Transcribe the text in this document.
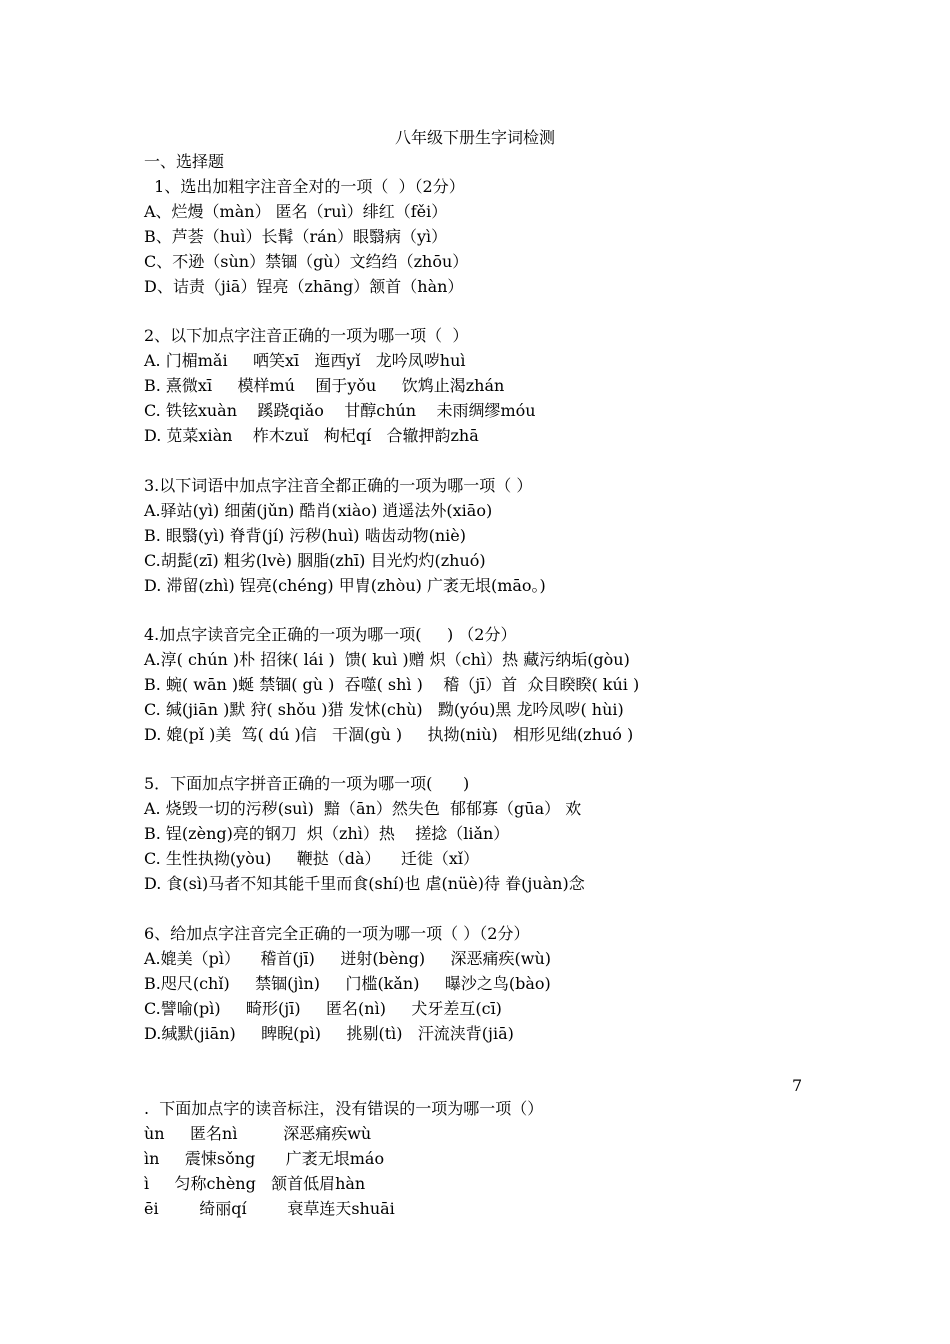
八年级下册生字词检测
一、选择题
1、选出加粗字注音全对的一项（  ）（2分）
A、烂熳（màn） 匿名（ruì）绯红（fěi）
B、芦荟（huì）长髯（rán）眼翳病（yì）
C、不逊（sùn）禁锢（gù）文绉绉（zhōu）
D、诘责（jiā）锃亮（zhāng）颔首（hàn）
2、以下加点字注音正确的一项为哪一项（  ）
A. 门楣mǎi     哂笑xī   迤西yǐ   龙吟凤哕huì
B. 熹微xī     模样mú    囿于yǒu     饮鸩止渴zhán
C. 铁铉xuàn    蹊跷qiǎo    甘醇chún    未雨绸缪móu
D. 苋菜xiàn    柞木zuǐ   枸杞qí   合辙押韵zhā
3.以下词语中加点字注音全都正确的一项为哪一项（ ）
A.驿站(yì) 细菌(jǔn) 酷肖(xiào) 逍遥法外(xiāo)
B. 眼翳(yì) 脊背(jí) 污秽(huì) 啮齿动物(niè)
C.胡髭(zī) 粗劣(lvè) 胭脂(zhī) 目光灼灼(zhuó)
D. 滞留(zhì) 锃亮(chéng) 甲胄(zhòu) 广袤无垠(māo。)
4.加点字读音完全正确的一项为哪一项(     ) （2分）
A.淳( chún )朴 招徕( lái )  馈( kuì )赠 炽（chì）热 藏污纳垢(gòu)
B. 蜿( wān )蜒 禁锢( gù )  吞噬( shì )    稽（jī）首  众目睽睽( kúi )
C. 缄(jiān )默 狩( shǒu )猎 发怵(chù)   黝(yóu)黑 龙吟凤哕( hùi)
D. 媲(pǐ )美  笃( dú )信   干涸(gù )     执拗(niù)   相形见绌(zhuó )
5．下面加点字拼音正确的一项为哪一项(      )
A. 烧毁一切的污秽(suì)  黯（ān）然失色  郁郁寡（gūa） 欢
B. 锃(zèng)亮的钢刀  炽（zhì）热    搓捻（liǎn）
C. 生性执拗(yòu)     鞭挞（dà）    迁徙（xǐ）
D. 食(sì)马者不知其能千里而食(shí)也 虐(nüè)待 眷(juàn)念
6、给加点字注音完全正确的一项为哪一项（ ）（2分）
A.媲美（pì）    稽首(jī)     迸射(bèng)     深恶痛疾(wù)
B.咫尺(chǐ)     禁锢(jìn)     门槛(kǎn)     曝沙之鸟(bào)
C.譬喻(pì)     畸形(jī)     匿名(nì)     犬牙差互(cī)
D.缄默(jiān)     睥睨(pì)     挑剔(tì)   汗流浃背(jiā)
7
.  下面加点字的读音标注，没有错误的一项为哪一项（）
ùn     匿名nì         深恶痛疾wù
ìn     震悚sǒng      广袤无垠máo
ì     匀称chèng   颔首低眉hàn
ēi        绮丽qí        衰草连天shuāi
